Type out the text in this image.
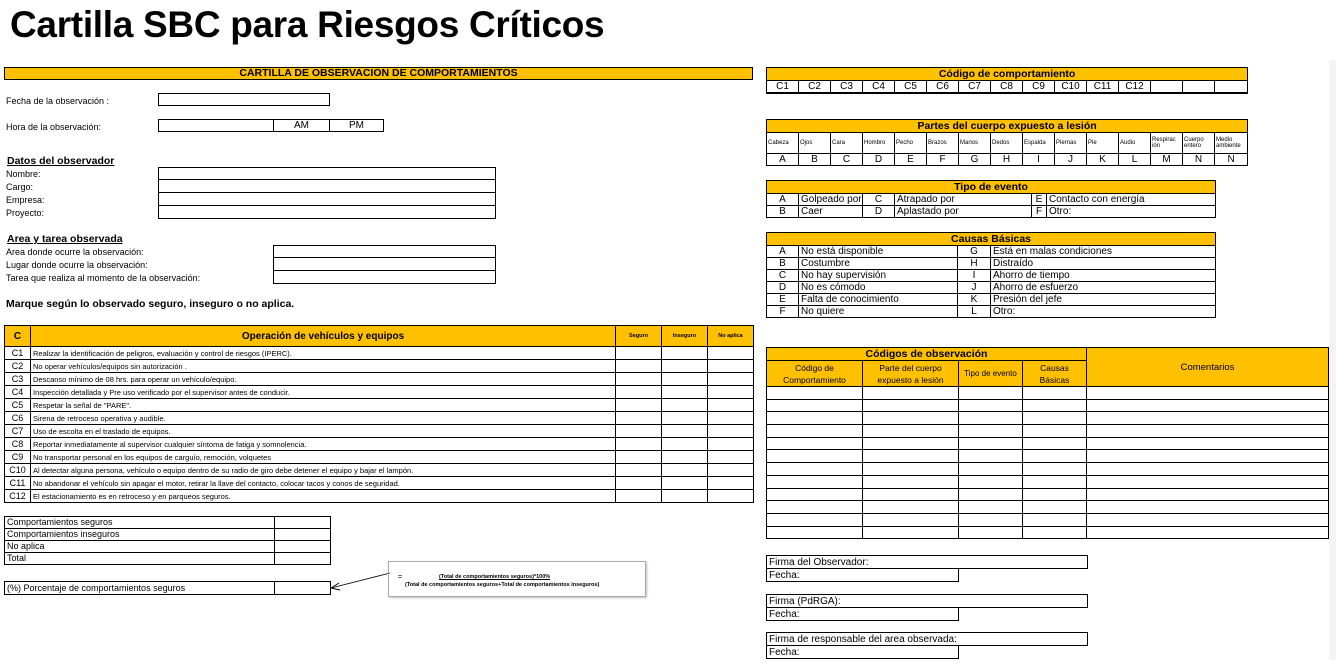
Cartilla SBC para Riesgos Críticos
CARTILLA DE OBSERVACION DE COMPORTAMIENTOS
Fecha de la observación :
Hora de la observación:	AM	PM
Datos del observador
Nombre:
Cargo:
Empresa:
Proyecto:
Area y tarea observada
Area donde ocurre la observación:
Lugar donde ocurre la observación:
Tarea que realiza al momento de la observación:
Marque según lo observado seguro, inseguro o no aplica.
C	Operación de vehículos y equipos	Seguro	Inseguro	No aplica
C1	Realizar la identificación de peligros, evaluación y control de riesgos (IPERC).			
C2	No operar vehículos/equipos sin autorización .			
C3	Descanso mínimo de 08 hrs. para operar un vehículo/equipo.			
C4	Inspección detallada y Pre uso verificado por el supervisor antes de conducir.			
C5	Respetar la señal de "PARE".			
C6	Sirena de retroceso operativa y audible.			
C7	Uso de escolta en el traslado de equipos.			
C8	Reportar inmediatamente al supervisor cualquier síntoma de fatiga y somnolencia.			
C9	No transportar personal en los equipos de carguío, remoción, volquetes			
C10	Al detectar alguna persona, vehículo o equipo dentro de su radio de giro debe detener el equipo y bajar el lampón.			
C11	No abandonar el vehículo sin apagar el motor, retirar la llave del contacto, colocar tacos y conos de seguridad.			
C12	El estacionamiento es en retroceso y en parqueos seguros.			
Comportamientos seguros	
Comportamientos inseguros	
No aplica	
Total	
(%) Porcentaje de comportamientos seguros	
=	(Total de comportamientos seguros)*100%
(Total de comportamientos seguros+Total de comportamientos inseguros)
Código de comportamiento														
C1	C2	C3	C4	C5	C6	C7	C8	C9	C10	C11	C12			

Partes del cuerpo expuesto a lesión														
Cabeza	Ojos	Cara	Hombro	Pecho	Brazos	Manos	Dedos	Espalda	Piernas	Pie	Audio	Respirac ión	Cuerpo entero	Medio ambiente
A	B	C	D	E	F	G	H	I	J	K	L	M	N	Ñ
Tipo de evento					
A	Golpeado por	C	Atrapado por	E	Contacto con energía
B	Caer	D	Aplastado por	F	Otro:
Causas Básicas			
A	No está disponible	G	Está en malas condiciones
B	Costumbre	H	Distraído
C	No hay supervisión	I	Ahorro de tiempo
D	No es cómodo	J	Ahorro de esfuerzo
E	Falta de conocimiento	K	Presión del jefe
F	No quiere	L	Otro:
Códigos de observación				Comentarios
Código de Comportamiento	Parte del cuerpo expuesto a lesión	Tipo de evento	Causas Básicas	

Firma del Observador:
Fecha:	
Firma (PdRGA):
Fecha:	
Firma de responsable del area observada:
Fecha:	
